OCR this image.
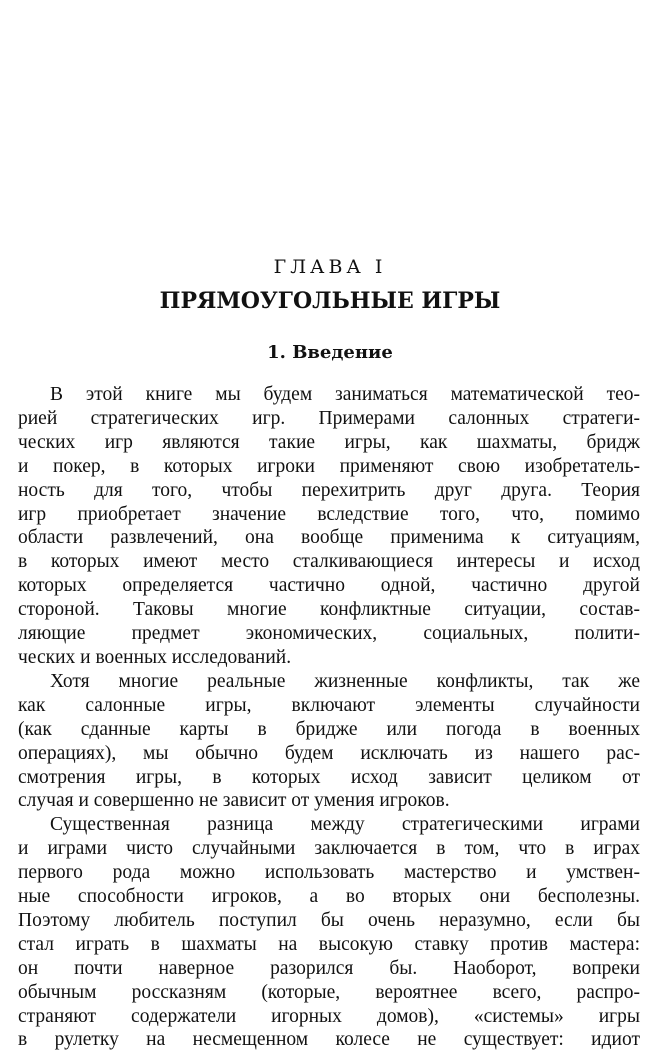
ГЛАВА I
ПРЯМОУГОЛЬНЫЕ ИГРЫ
1. Введение
В этой книге мы будем заниматься математической тео-
рией стратегических игр. Примерами салонных стратеги-
ческих игр являются такие игры, как шахматы, бридж
и покер, в которых игроки применяют свою изобретатель-
ность для того, чтобы перехитрить друг друга. Теория
игр приобретает значение вследствие того, что, помимо
области развлечений, она вообще применима к ситуациям,
в которых имеют место сталкивающиеся интересы и исход
которых определяется частично одной, частично другой
стороной. Таковы многие конфликтные ситуации, состав-
ляющие предмет экономических, социальных, полити-
ческих и военных исследований.
Хотя многие реальные жизненные конфликты, так же
как салонные игры, включают элементы случайности
(как сданные карты в бридже или погода в военных
операциях), мы обычно будем исключать из нашего рас-
смотрения игры, в которых исход зависит целиком от
случая и совершенно не зависит от умения игроков.
Существенная разница между стратегическими играми
и играми чисто случайными заключается в том, что в играх
первого рода можно использовать мастерство и умствен-
ные способности игроков, а во вторых они бесполезны.
Поэтому любитель поступил бы очень неразумно, если бы
стал играть в шахматы на высокую ставку против мастера:
он почти наверное разорился бы. Наоборот, вопреки
обычным россказням (которые, вероятнее всего, распро-
страняют содержатели игорных домов), «системы» игры
в рулетку на несмещенном колесе не существует: идиот
